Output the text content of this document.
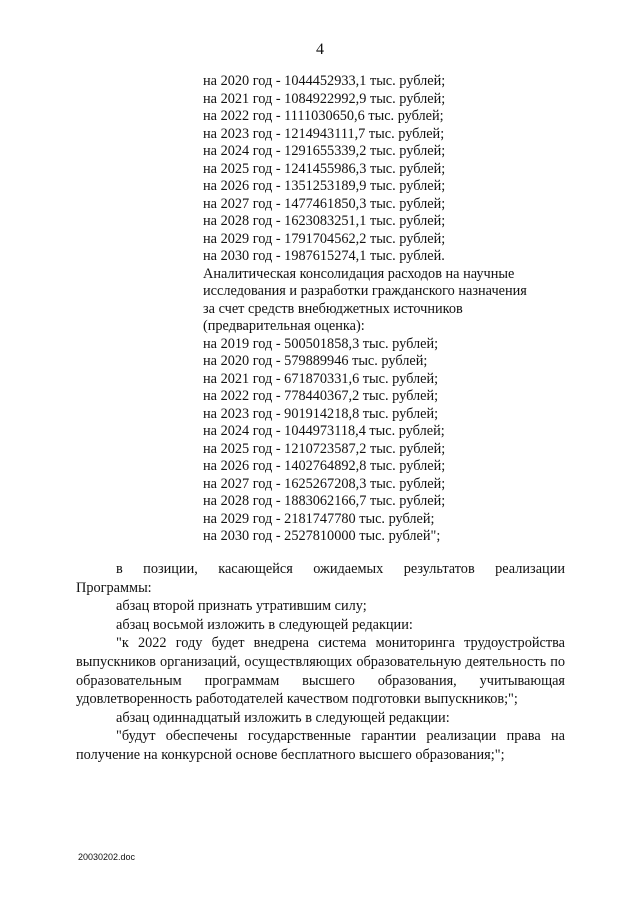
4
на 2020 год - 1044452933,1 тыс. рублей;
на 2021 год - 1084922992,9 тыс. рублей;
на 2022 год - 1111030650,6 тыс. рублей;
на 2023 год - 1214943111,7 тыс. рублей;
на 2024 год - 1291655339,2 тыс. рублей;
на 2025 год - 1241455986,3 тыс. рублей;
на 2026 год - 1351253189,9 тыс. рублей;
на 2027 год - 1477461850,3 тыс. рублей;
на 2028 год - 1623083251,1 тыс. рублей;
на 2029 год - 1791704562,2 тыс. рублей;
на 2030 год - 1987615274,1 тыс. рублей.
Аналитическая консолидация расходов на научные
исследования и разработки гражданского назначения
за счет средств внебюджетных источников
(предварительная оценка):
на 2019 год - 500501858,3 тыс. рублей;
на 2020 год - 579889946 тыс. рублей;
на 2021 год - 671870331,6 тыс. рублей;
на 2022 год - 778440367,2 тыс. рублей;
на 2023 год - 901914218,8 тыс. рублей;
на 2024 год - 1044973118,4 тыс. рублей;
на 2025 год - 1210723587,2 тыс. рублей;
на 2026 год - 1402764892,8 тыс. рублей;
на 2027 год - 1625267208,3 тыс. рублей;
на 2028 год - 1883062166,7 тыс. рублей;
на 2029 год - 2181747780 тыс. рублей;
на 2030 год - 2527810000 тыс. рублей";
в позиции, касающейся ожидаемых результатов реализации
Программы:
абзац второй признать утратившим силу;
абзац восьмой изложить в следующей редакции:
"к 2022 году будет внедрена система мониторинга трудоустройства выпускников организаций, осуществляющих образовательную деятельность по образовательным программам высшего образования, учитывающая удовлетворенность работодателей качеством подготовки выпускников;";
абзац одиннадцатый изложить в следующей редакции:
"будут обеспечены государственные гарантии реализации права на получение на конкурсной основе бесплатного высшего образования;";
20030202.doc
